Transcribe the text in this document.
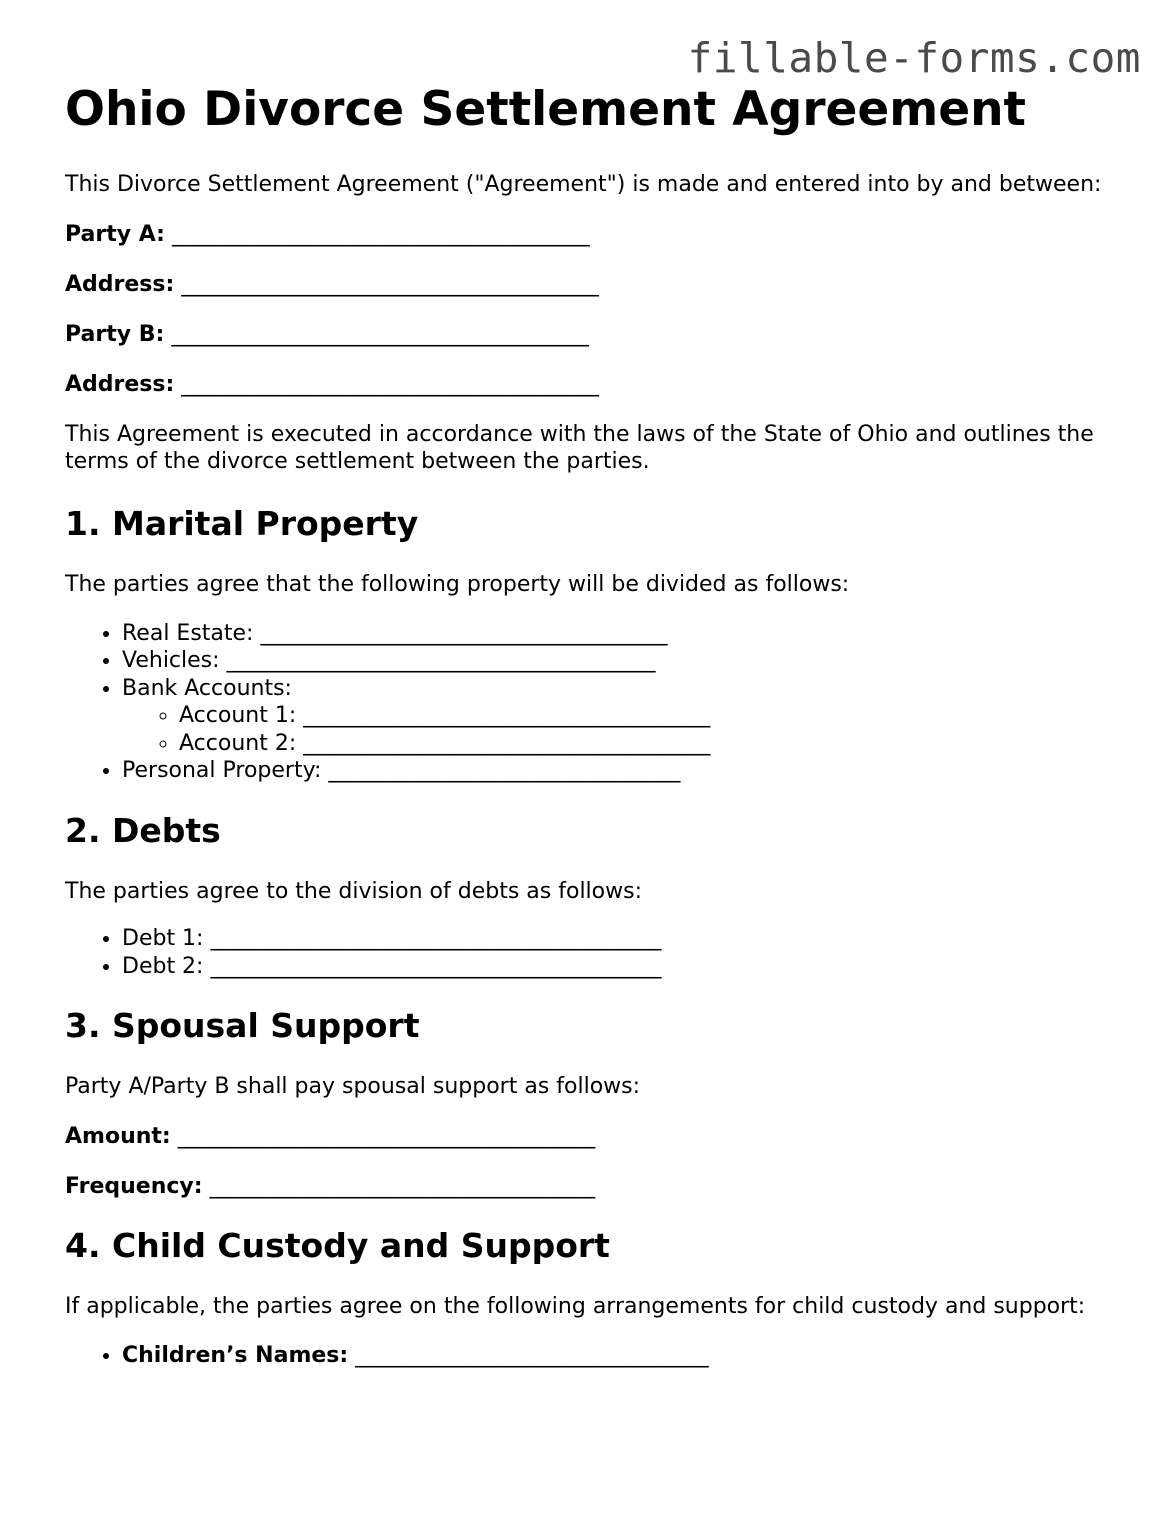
fillable-forms.com
Ohio Divorce Settlement Agreement

This Divorce Settlement Agreement ("Agreement") is made and entered into by and between:

Party A: _______________________________________

Address: _______________________________________

Party B: _______________________________________

Address: _______________________________________

This Agreement is executed in accordance with the laws of the State of Ohio and outlines the terms of the divorce settlement between the parties.

1. Marital Property

The parties agree that the following property will be divided as follows:

• Real Estate: _____________________________________
• Vehicles: _______________________________________
• Bank Accounts:
◦ Account 1: _____________________________________
◦ Account 2: _____________________________________
• Personal Property: ________________________________
2. Debts

The parties agree to the division of debts as follows:

• Debt 1: _________________________________________
• Debt 2: _________________________________________
3. Spousal Support

Party A/Party B shall pay spousal support as follows:

Amount: _______________________________________

Frequency: ____________________________________

4. Child Custody and Support

If applicable, the parties agree on the following arrangements for child custody and support:

• Children’s Names: _________________________________
